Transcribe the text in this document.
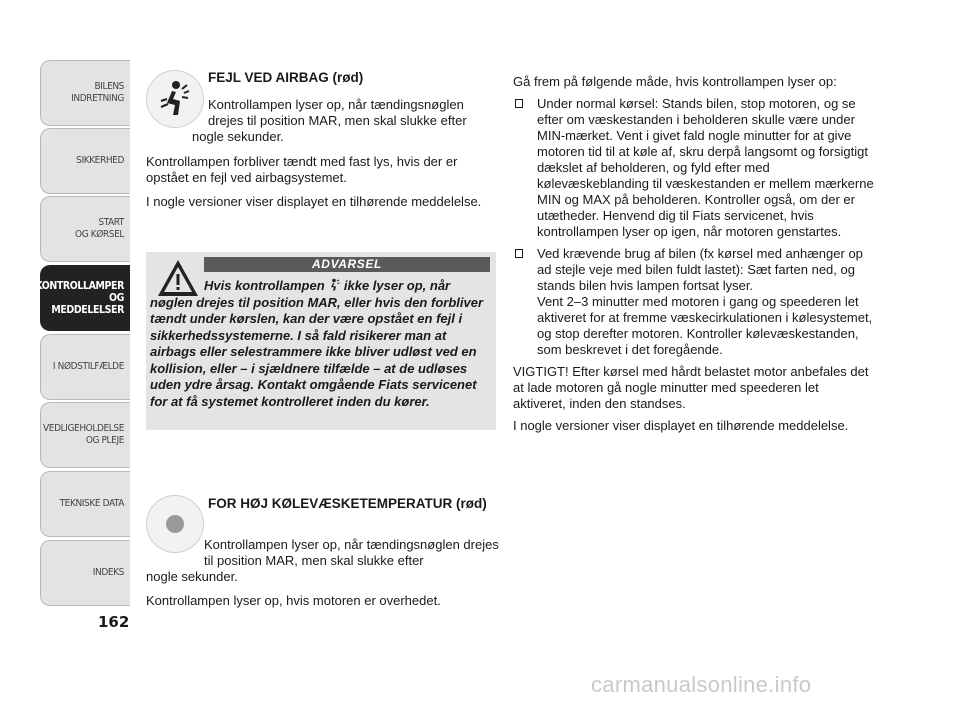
BILENS
INDRETNING
SIKKERHED
START
OG KØRSEL
KONTROLLAMPER
OG MEDDELELSER
I NØDSTILFÆLDE
VEDLIGEHOLDELSE
OG PLEJE
TEKNISKE DATA
INDEKS
162
FEJL VED AIRBAG (rød)

Kontrollampen lyser op, når tændingsnøglen drejes til position MAR, men skal slukke efter

nogle sekunder.

Kontrollampen forbliver tændt med fast lys, hvis der er opstået en fejl ved airbagsystemet.

I nogle versioner viser displayet en tilhørende meddelelse.

ADVARSEL
Hvis kontrollampen ikke lyser op, når nøglen drejes til position MAR, eller hvis den forbliver tændt under kørslen, kan der være opstået en fejl i sikkerhedssystemerne. I så fald risikerer man at airbags eller selestrammere ikke bliver udløst ved en kollision, eller – i sjældnere tilfælde – at de udløses uden ydre årsag. Kontakt omgående Fiats servicenet for at få systemet kontrolleret inden du kører.
FOR HØJ KØLEVÆSKETEMPERATUR (rød)

Kontrollampen lyser op, når tændingsnøglen drejes til position MAR, men skal slukke efter

nogle sekunder.

Kontrollampen lyser op, hvis motoren er overhedet.

Gå frem på følgende måde, hvis kontrollampen lyser op:

Under normal kørsel: Stands bilen, stop motoren, og se efter om væskestanden i beholderen skulle være under MIN-mærket. Vent i givet fald nogle minutter for at give motoren tid til at køle af, skru derpå langsomt og forsigtigt dækslet af beholderen, og fyld efter med kølevæskeblanding til væskestanden er mellem mærkerne MIN og MAX på beholderen. Kontroller også, om der er utætheder. Henvend dig til Fiats servicenet, hvis kontrollampen lyser op igen, når motoren genstartes.
Ved krævende brug af bilen (fx kørsel med anhænger op ad stejle veje med bilen fuldt lastet): Sæt farten ned, og stands bilen hvis lampen fortsat lyser.
Vent 2–3 minutter med motoren i gang og speederen let aktiveret for at fremme væskecirkulationen i kølesystemet, og stop derefter motoren. Kontroller kølevæskestanden, som beskrevet i det foregående.

VIGTIGT! Efter kørsel med hårdt belastet motor anbefales det at lade motoren gå nogle minutter med speederen let aktiveret, inden den standses.

I nogle versioner viser displayet en tilhørende meddelelse.

carmanualsonline.info
